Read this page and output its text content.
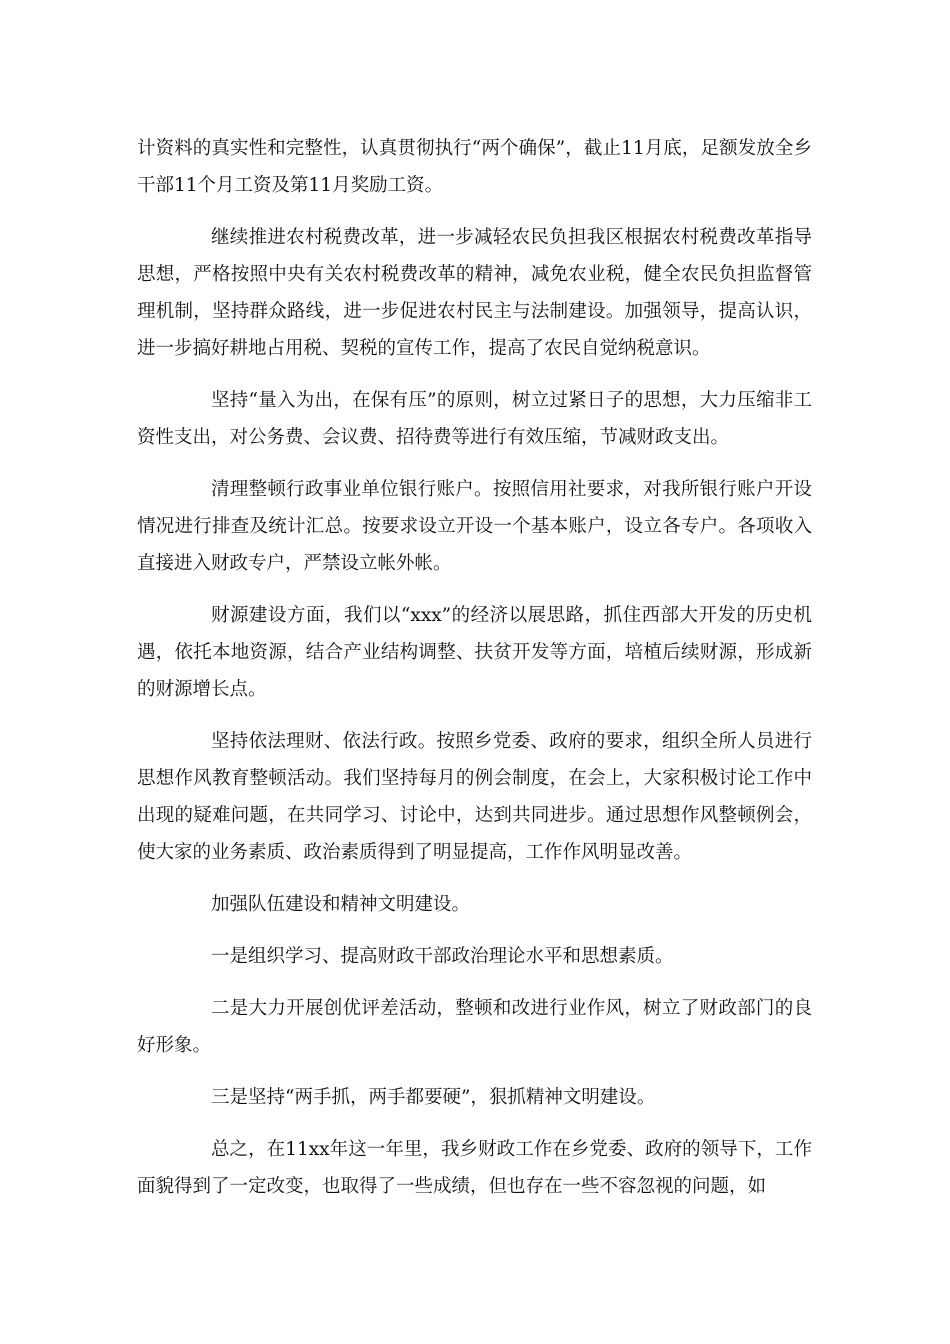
计资料的真实性和完整性，认真贯彻执行“两个确保”，截止11月底，足额发放全乡干部11个月工资及第11月奖励工资。

继续推进农村税费改革，进一步减轻农民负担我区根据农村税费改革指导思想，严格按照中央有关农村税费改革的精神，减免农业税，健全农民负担监督管理机制，坚持群众路线，进一步促进农村民主与法制建设。加强领导，提高认识，进一步搞好耕地占用税、契税的宣传工作，提高了农民自觉纳税意识。

坚持“量入为出，在保有压”的原则，树立过紧日子的思想，大力压缩非工资性支出，对公务费、会议费、招待费等进行有效压缩，节减财政支出。

清理整顿行政事业单位银行账户。按照信用社要求，对我所银行账户开设情况进行排查及统计汇总。按要求设立开设一个基本账户，设立各专户。各项收入直接进入财政专户，严禁设立帐外帐。

财源建设方面，我们以“xxx”的经济以展思路，抓住西部大开发的历史机遇，依托本地资源，结合产业结构调整、扶贫开发等方面，培植后续财源，形成新的财源增长点。

坚持依法理财、依法行政。按照乡党委、政府的要求，组织全所人员进行思想作风教育整顿活动。我们坚持每月的例会制度，在会上，大家积极讨论工作中出现的疑难问题，在共同学习、讨论中，达到共同进步。通过思想作风整顿例会，使大家的业务素质、政治素质得到了明显提高，工作作风明显改善。

加强队伍建设和精神文明建设。

一是组织学习、提高财政干部政治理论水平和思想素质。

二是大力开展创优评差活动，整顿和改进行业作风，树立了财政部门的良好形象。

三是坚持“两手抓，两手都要硬”，狠抓精神文明建设。

总之，在11xx年这一年里，我乡财政工作在乡党委、政府的领导下，工作面貌得到了一定改变，也取得了一些成绩，但也存在一些不容忽视的问题，如
